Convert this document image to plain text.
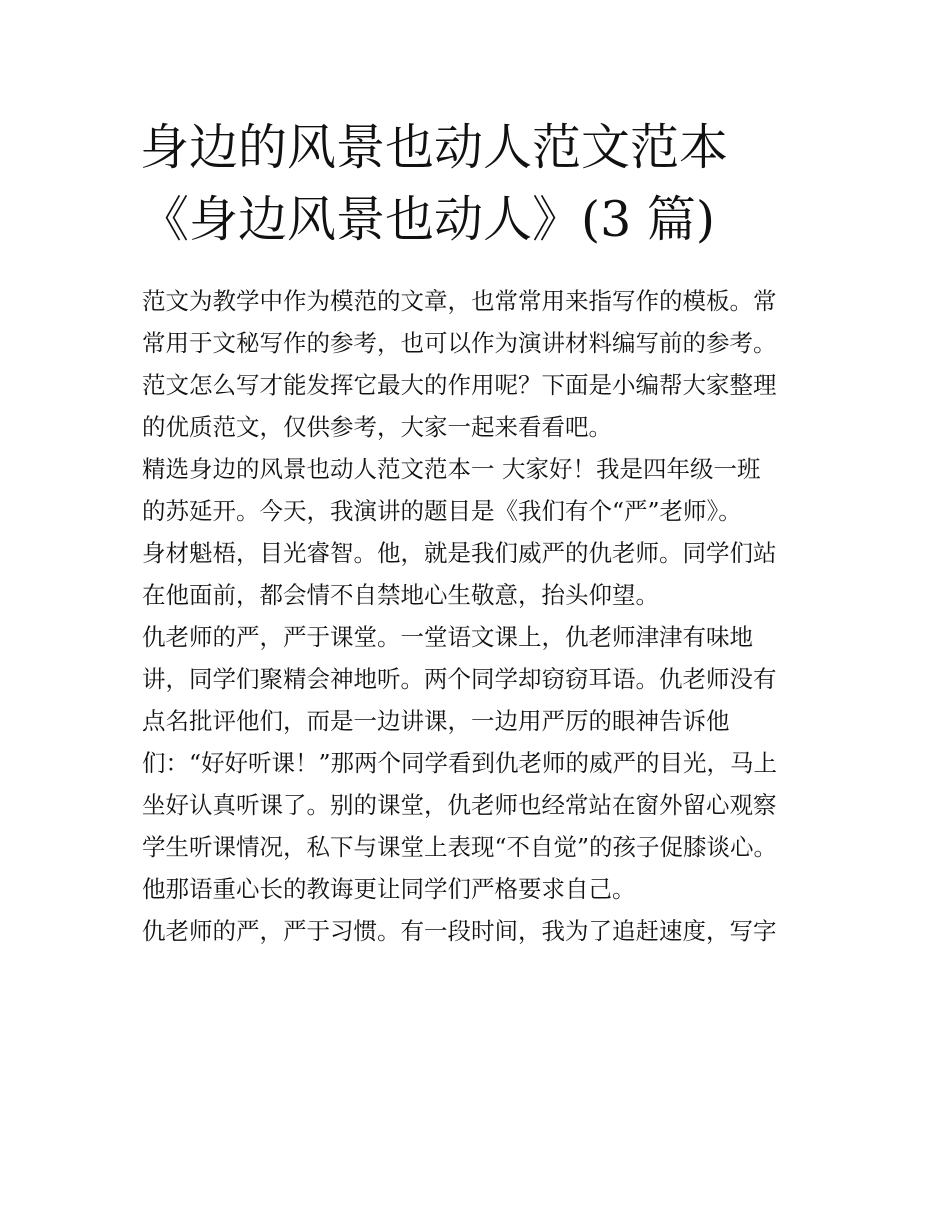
身边的风景也动人范文范本
《身边风景也动人》(3 篇)

范文为教学中作为模范的文章，也常常用来指写作的模板。常

常用于文秘写作的参考，也可以作为演讲材料编写前的参考。

范文怎么写才能发挥它最大的作用呢？下面是小编帮大家整理

的优质范文，仅供参考，大家一起来看看吧。

精选身边的风景也动人范文范本一 大家好！我是四年级一班

的苏延开。今天，我演讲的题目是《我们有个“严”老师》。

身材魁梧，目光睿智。他，就是我们威严的仇老师。同学们站

在他面前，都会情不自禁地心生敬意，抬头仰望。

仇老师的严，严于课堂。一堂语文课上，仇老师津津有味地

讲，同学们聚精会神地听。两个同学却窃窃耳语。仇老师没有

点名批评他们，而是一边讲课，一边用严厉的眼神告诉他

们：“好好听课！”那两个同学看到仇老师的威严的目光，马上

坐好认真听课了。别的课堂，仇老师也经常站在窗外留心观察

学生听课情况，私下与课堂上表现“不自觉”的孩子促膝谈心。

他那语重心长的教诲更让同学们严格要求自己。

仇老师的严，严于习惯。有一段时间，我为了追赶速度，写字
